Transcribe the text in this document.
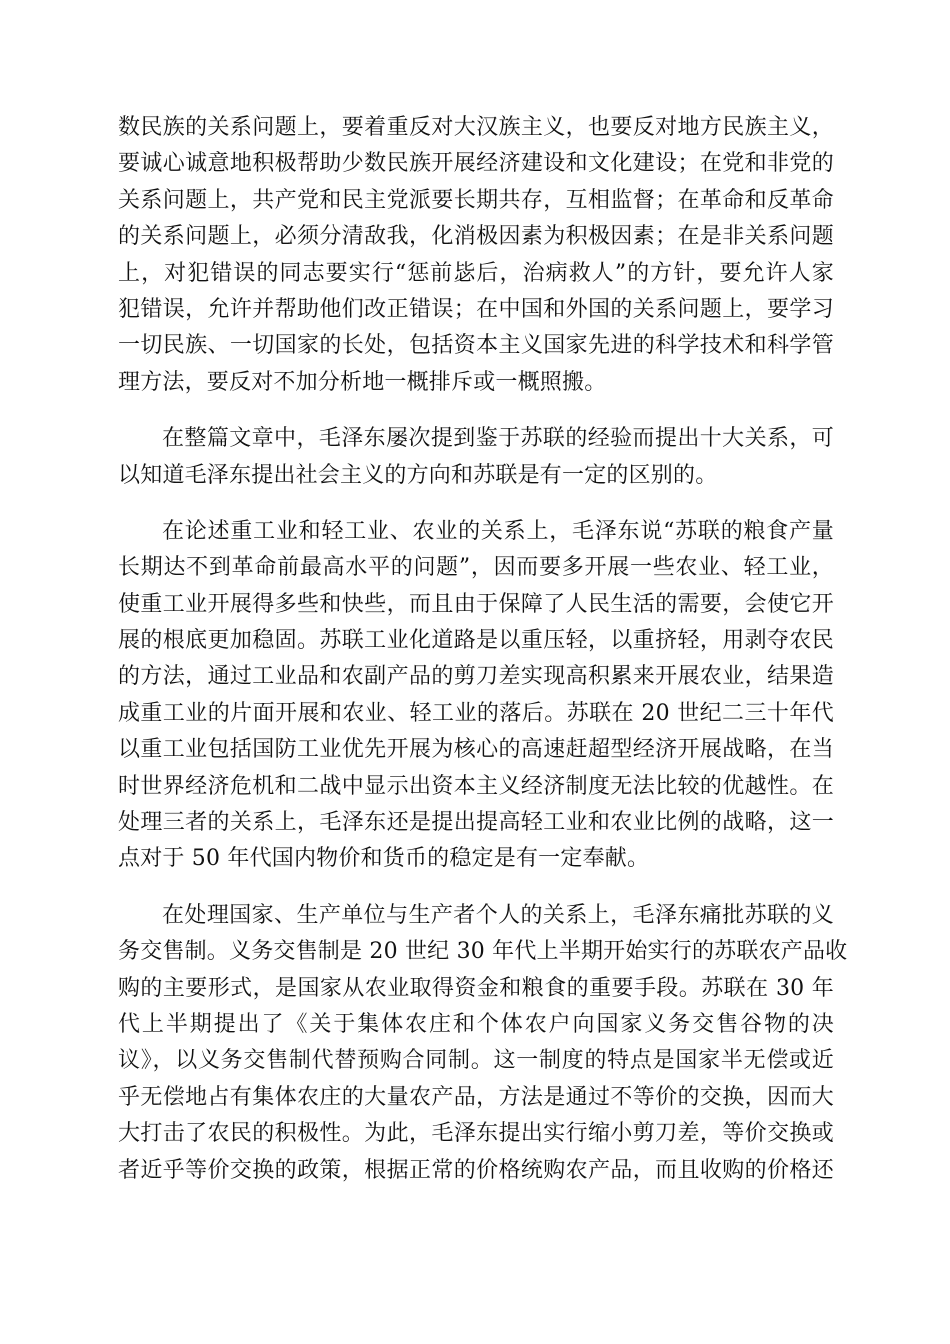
数民族的关系问题上，要着重反对大汉族主义，也要反对地方民族主义，
要诚心诚意地积极帮助少数民族开展经济建设和文化建设；在党和非党的
关系问题上，共产党和民主党派要长期共存，互相监督；在革命和反革命
的关系问题上，必须分清敌我，化消极因素为积极因素；在是非关系问题
上，对犯错误的同志要实行“惩前毖后，治病救人”的方针，要允许人家
犯错误，允许并帮助他们改正错误；在中国和外国的关系问题上，要学习
一切民族、一切国家的长处，包括资本主义国家先进的科学技术和科学管
理方法，要反对不加分析地一概排斥或一概照搬。
在整篇文章中，毛泽东屡次提到鉴于苏联的经验而提出十大关系，可
以知道毛泽东提出社会主义的方向和苏联是有一定的区别的。
在论述重工业和轻工业、农业的关系上，毛泽东说“苏联的粮食产量
长期达不到革命前最高水平的问题”，因而要多开展一些农业、轻工业，
使重工业开展得多些和快些，而且由于保障了人民生活的需要，会使它开
展的根底更加稳固。苏联工业化道路是以重压轻，以重挤轻，用剥夺农民
的方法，通过工业品和农副产品的剪刀差实现高积累来开展农业，结果造
成重工业的片面开展和农业、轻工业的落后。苏联在 20 世纪二三十年代
以重工业包括国防工业优先开展为核心的高速赶超型经济开展战略，在当
时世界经济危机和二战中显示出资本主义经济制度无法比较的优越性。在
处理三者的关系上，毛泽东还是提出提高轻工业和农业比例的战略，这一
点对于 50 年代国内物价和货币的稳定是有一定奉献。
在处理国家、生产单位与生产者个人的关系上，毛泽东痛批苏联的义
务交售制。义务交售制是 20 世纪 30 年代上半期开始实行的苏联农产品收
购的主要形式，是国家从农业取得资金和粮食的重要手段。苏联在 30 年
代上半期提出了《关于集体农庄和个体农户向国家义务交售谷物的决
议》，以义务交售制代替预购合同制。这一制度的特点是国家半无偿或近
乎无偿地占有集体农庄的大量农产品，方法是通过不等价的交换，因而大
大打击了农民的积极性。为此，毛泽东提出实行缩小剪刀差，等价交换或
者近乎等价交换的政策，根据正常的价格统购农产品，而且收购的价格还
